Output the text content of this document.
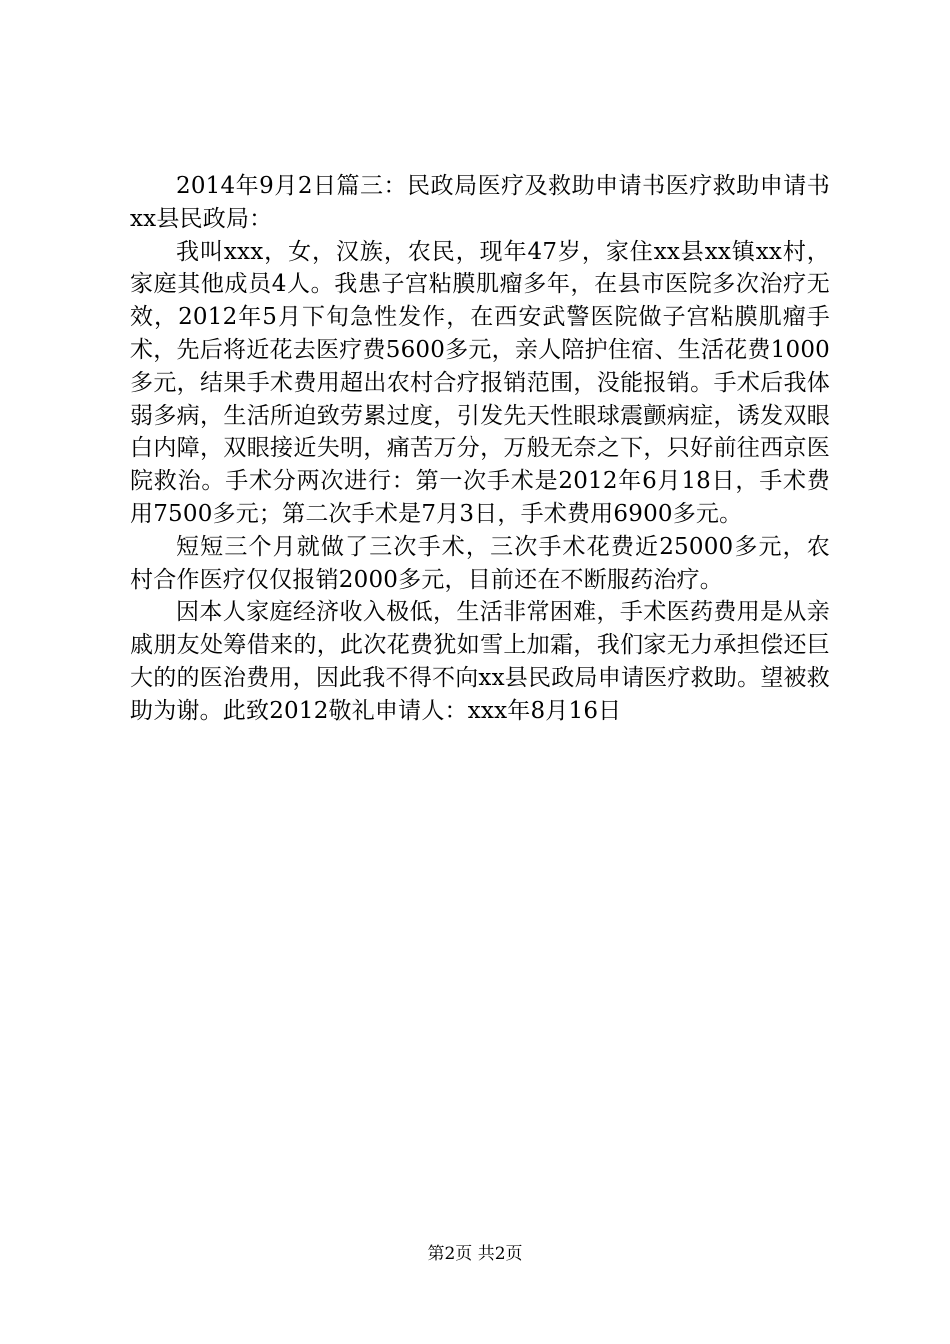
2014年9月2日篇三：民政局医疗及救助申请书医疗救助申请书xx县民政局：

我叫xxx，女，汉族，农民，现年47岁，家住xx县xx镇xx村，家庭其他成员4人。我患子宫粘膜肌瘤多年，在县市医院多次治疗无效，2012年5月下旬急性发作，在西安武警医院做子宫粘膜肌瘤手术，先后将近花去医疗费5600多元，亲人陪护住宿、生活花费1000多元，结果手术费用超出农村合疗报销范围，没能报销。手术后我体弱多病，生活所迫致劳累过度，引发先天性眼球震颤病症，诱发双眼白内障，双眼接近失明，痛苦万分，万般无奈之下，只好前往西京医院救治。手术分两次进行：第一次手术是2012年6月18日，手术费用7500多元；第二次手术是7月3日，手术费用6900多元。

短短三个月就做了三次手术，三次手术花费近25000多元，农村合作医疗仅仅报销2000多元，目前还在不断服药治疗。

因本人家庭经济收入极低，生活非常困难，手术医药费用是从亲戚朋友处筹借来的，此次花费犹如雪上加霜，我们家无力承担偿还巨大的的医治费用，因此我不得不向xx县民政局申请医疗救助。望被救助为谢。此致2012敬礼申请人：xxx年8月16日

第2页 共2页
